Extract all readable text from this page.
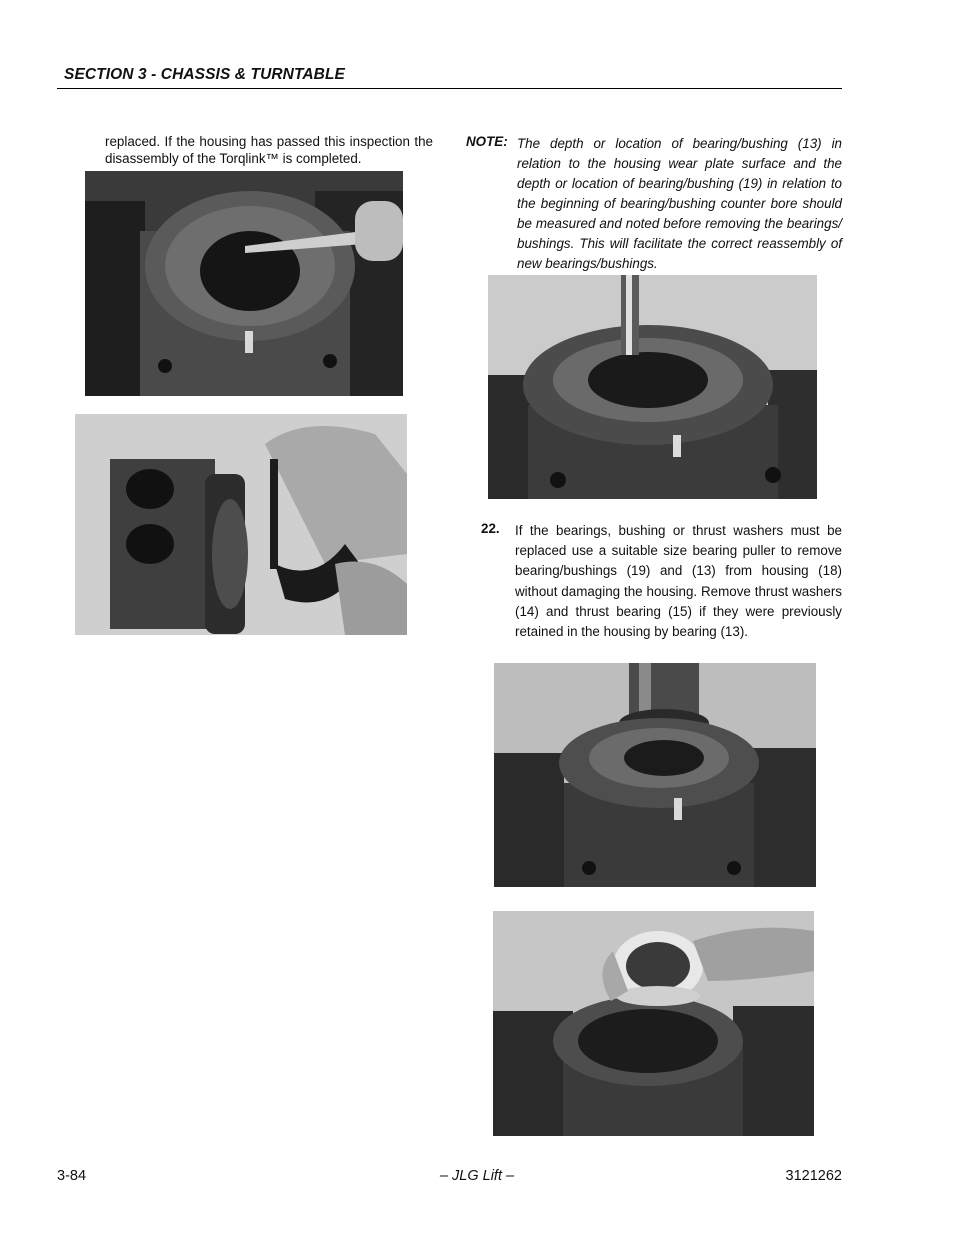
SECTION 3 - CHASSIS & TURNTABLE
replaced. If the housing has passed this inspection the disassembly of the Torqlink™ is completed.
NOTE: The depth or location of bearing/bushing (13) in relation to the housing wear plate surface and the depth or location of bearing/bushing (19) in relation to the beginning of bearing/bushing counter bore should be measured and noted before removing the bearings/ bushings. This will facilitate the correct reassembly of new bearings/bushings.
22. If the bearings, bushing or thrust washers must be replaced use a suitable size bearing puller to remove bearing/bushings (19) and (13) from housing (18) without damaging the housing. Remove thrust washers (14) and thrust bearing (15) if they were previously retained in the housing by bearing (13).
3-84	– JLG Lift –	3121262
